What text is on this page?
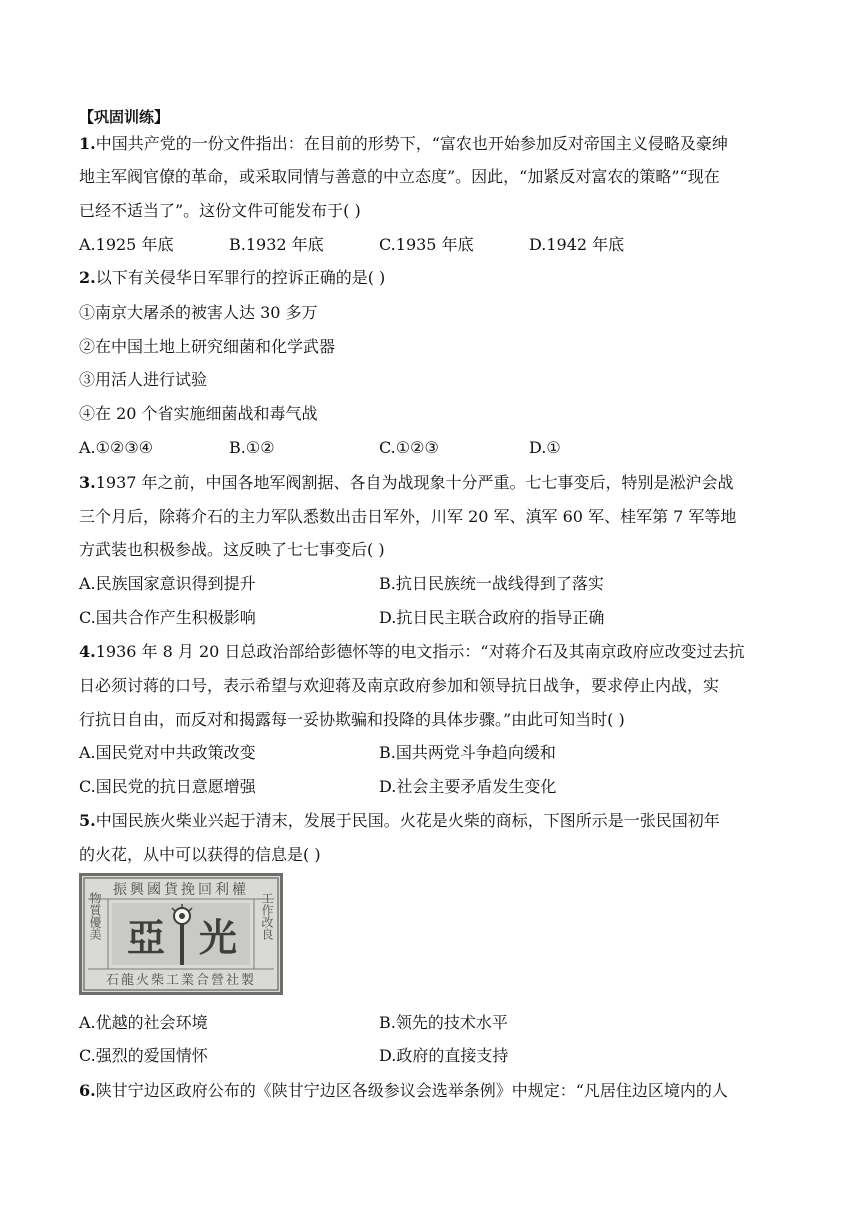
【巩固训练】
1.中国共产党的一份文件指出：在目前的形势下，“富农也开始参加反对帝国主义侵略及豪绅
地主军阀官僚的革命，或采取同情与善意的中立态度”。因此，“加紧反对富农的策略”“现在
已经不适当了”。这份文件可能发布于( )
A.1925 年底	B.1932 年底	C.1935 年底	D.1942 年底
2.以下有关侵华日军罪行的控诉正确的是( )
①南京大屠杀的被害人达 30 多万
②在中国土地上研究细菌和化学武器
③用活人进行试验
④在 20 个省实施细菌战和毒气战
A.①②③④	B.①②	C.①②③	D.①
3.1937 年之前，中国各地军阀割据、各自为战现象十分严重。七七事变后，特别是淞沪会战
三个月后，除蒋介石的主力军队悉数出击日军外，川军 20 军、滇军 60 军、桂军第 7 军等地
方武装也积极参战。这反映了七七事变后( )
A.民族国家意识得到提升	B.抗日民族统一战线得到了落实
C.国共合作产生积极影响	D.抗日民主联合政府的指导正确
4.1936 年 8 月 20 日总政治部给彭德怀等的电文指示：“对蒋介石及其南京政府应改变过去抗
日必须讨蒋的口号，表示希望与欢迎蒋及南京政府参加和领导抗日战争，要求停止内战，实
行抗日自由，而反对和揭露每一妥协欺骗和投降的具体步骤。”由此可知当时( )
A.国民党对中共政策改变	B.国共两党斗争趋向缓和
C.国民党的抗日意愿增强	D.社会主要矛盾发生变化
5.中国民族火柴业兴起于清末，发展于民国。火花是火柴的商标，下图所示是一张民国初年
的火花，从中可以获得的信息是( )
振興國貨挽回利權
物質優美	工作改良
亞 光
石龍火柴工業合營社製
A.优越的社会环境	B.领先的技术水平
C.强烈的爱国情怀	D.政府的直接支持
6.陕甘宁边区政府公布的《陕甘宁边区各级参议会选举条例》中规定：“凡居住边区境内的人
